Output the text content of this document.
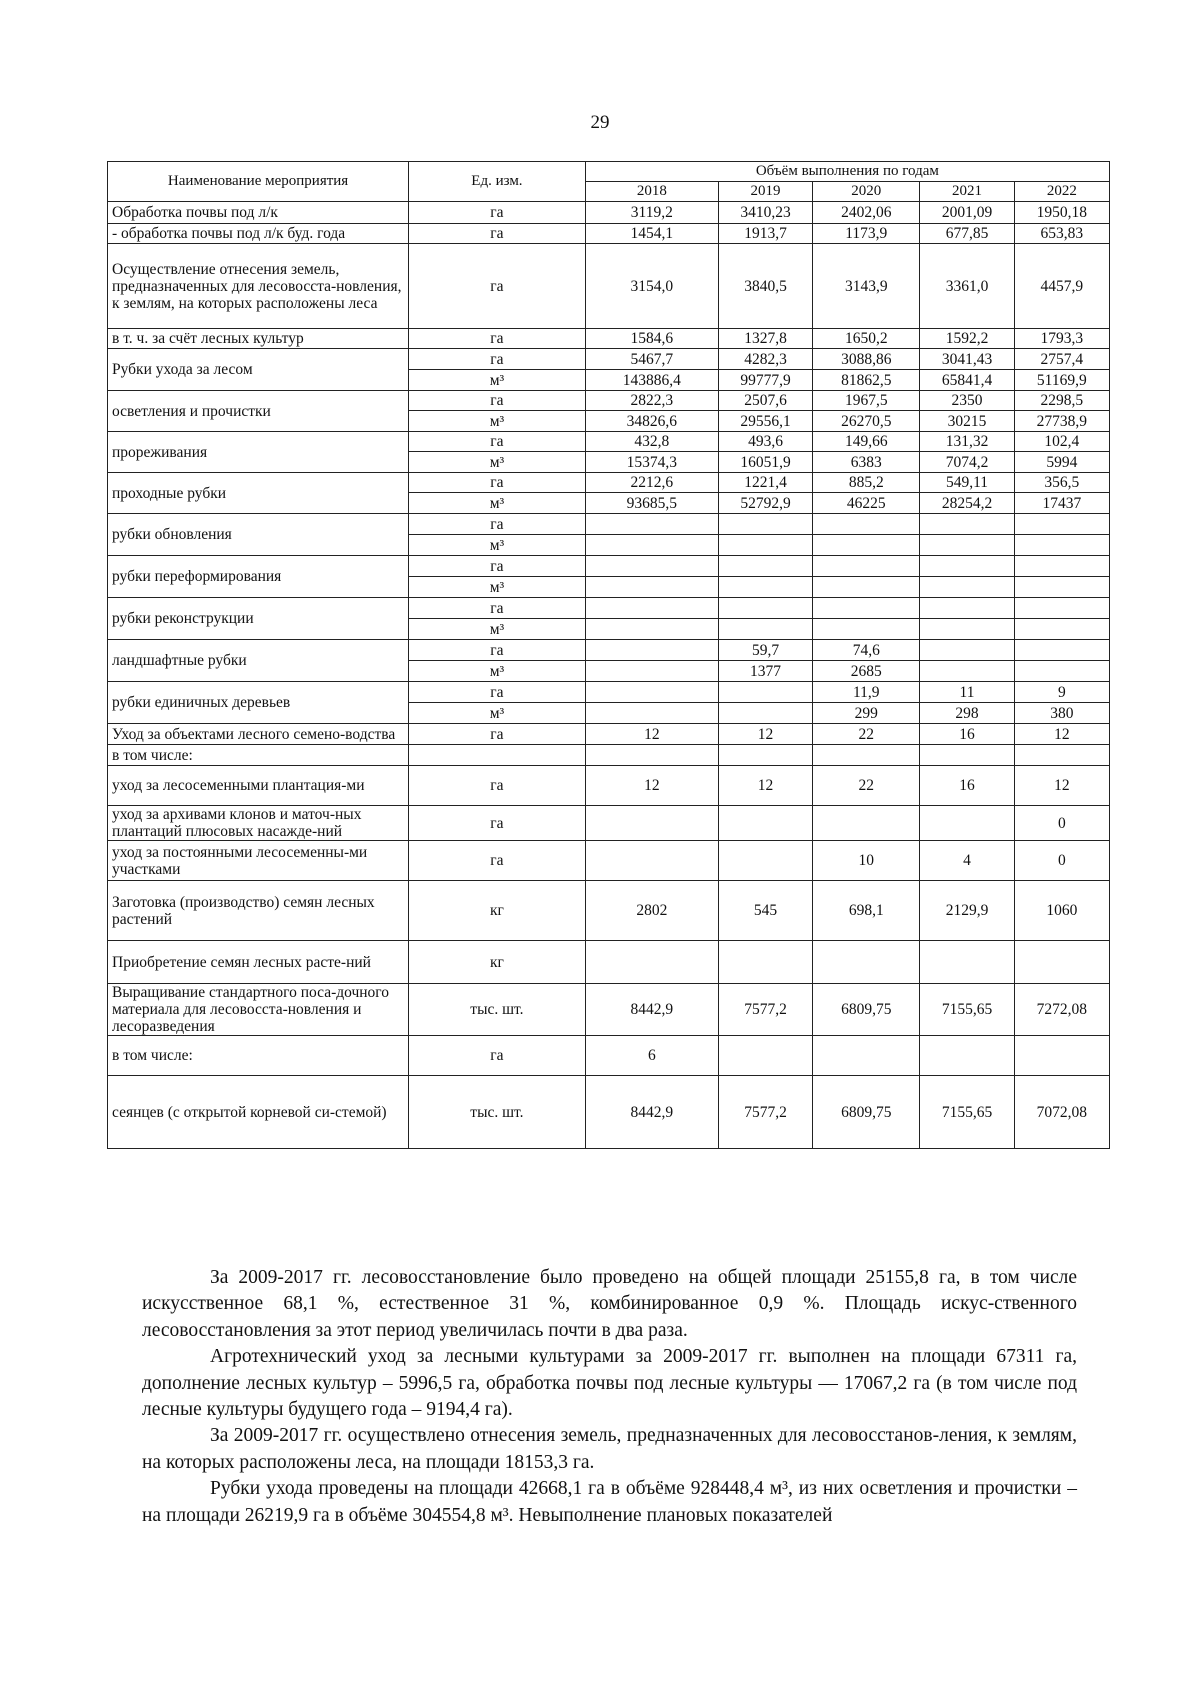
29
Наименование мероприятия	Ед. изм.	Объём выполнения по годам				
		2018	2019	2020	2021	2022
Обработка почвы под л/к	га	3119,2	3410,23	2402,06	2001,09	1950,18
- обработка почвы под л/к буд. года	га	1454,1	1913,7	1173,9	677,85	653,83
Осуществление отнесения земель, предназначенных для лесовосста-новления, к землям, на которых расположены леса	га	3154,0	3840,5	3143,9	3361,0	4457,9
в т. ч. за счёт лесных культур	га	1584,6	1327,8	1650,2	1592,2	1793,3
Рубки ухода за лесом	га	5467,7	4282,3	3088,86	3041,43	2757,4
	м³	143886,4	99777,9	81862,5	65841,4	51169,9
осветления и прочистки	га	2822,3	2507,6	1967,5	2350	2298,5
	м³	34826,6	29556,1	26270,5	30215	27738,9
прореживания	га	432,8	493,6	149,66	131,32	102,4
	м³	15374,3	16051,9	6383	7074,2	5994
проходные рубки	га	2212,6	1221,4	885,2	549,11	356,5
	м³	93685,5	52792,9	46225	28254,2	17437
рубки обновления	га					
	м³					
рубки переформирования	га					
	м³					
рубки реконструкции	га					
	м³					
ландшафтные рубки	га		59,7	74,6		
	м³		1377	2685		
рубки единичных деревьев	га			11,9	11	9
	м³			299	298	380
Уход за объектами лесного семено-водства	га	12	12	22	16	12
в том числе:						
уход за лесосеменными плантация-ми	га	12	12	22	16	12
уход за архивами клонов и маточ-ных плантаций плюсовых насажде-ний	га					0
уход за постоянными лесосеменны-ми участками	га			10	4	0
Заготовка (производство) семян лесных растений	кг	2802	545	698,1	2129,9	1060
Приобретение семян лесных расте-ний	кг					
Выращивание стандартного поса-дочного материала для лесовосста-новления и лесоразведения	тыс. шт.	8442,9	7577,2	6809,75	7155,65	7272,08
в том числе:	га	6				
сеянцев (с открытой корневой си-стемой)	тыс. шт.	8442,9	7577,2	6809,75	7155,65	7072,08

За 2009-2017 гг. лесовосстановление было проведено на общей площади 25155,8 га, в том числе искусственное 68,1 %, естественное 31 %, комбинированное 0,9 %. Площадь искус-ственного лесовосстановления за этот период увеличилась почти в два раза.

Агротехнический уход за лесными культурами за 2009-2017 гг. выполнен на площади 67311 га, дополнение лесных культур – 5996,5 га, обработка почвы под лесные культуры — 17067,2 га (в том числе под лесные культуры будущего года – 9194,4 га).

За 2009-2017 гг. осуществлено отнесения земель, предназначенных для лесовосстанов-ления, к землям, на которых расположены леса, на площади 18153,3 га.

Рубки ухода проведены на площади 42668,1 га в объёме 928448,4 м³, из них осветления и прочистки – на площади 26219,9 га в объёме 304554,8 м³. Невыполнение плановых показателей
